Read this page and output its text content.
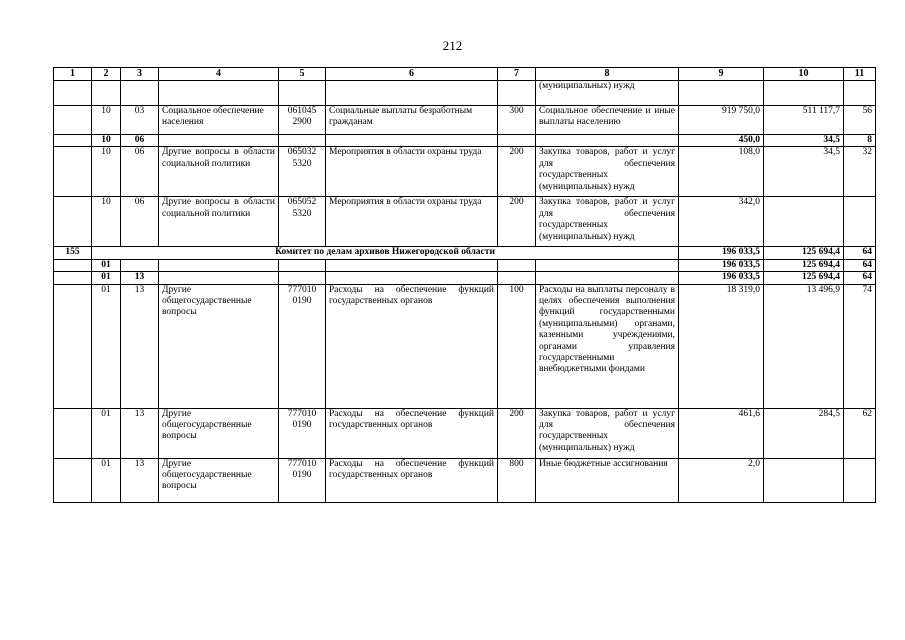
212
1	2	3	4	5	6	7	8	9	10	11
							(муниципальных) нужд			
	10	03	Социальное обеспечение населения	061045 2900	Социальные выплаты безработным гражданам	300	Социальное обеспечение и иные выплаты населению	919 750,0	511 117,7	56
	10	06						450,0	34,5	8
	10	06	Другие вопросы в области социальной политики	065032 5320	Мероприятия в области охраны труда	200	Закупка товаров, работ и услуг для обеспечения государственных (муниципальных) нужд	108,0	34,5	32
	10	06	Другие вопросы в области социальной политики	065052 5320	Мероприятия в области охраны труда	200	Закупка товаров, работ и услуг для обеспечения государственных (муниципальных) нужд	342,0		
155	Комитет по делам архивов Нижегородской области							196 033,5	125 694,4	64
	01							196 033,5	125 694,4	64
	01	13						196 033,5	125 694,4	64
	01	13	Другие общегосударственные вопросы	777010 0190	Расходы на обеспечение функций государственных органов	100	Расходы на выплаты персоналу в целях обеспечения выполнения функций государственными (муниципальными) органами, казенными учреждениями, органами управления государственными внебюджетными фондами	18 319,0	13 496,9	74
	01	13	Другие общегосударственные вопросы	777010 0190	Расходы на обеспечение функций государственных органов	200	Закупка товаров, работ и услуг для обеспечения государственных (муниципальных) нужд	461,6	284,5	62
	01	13	Другие общегосударственные вопросы	777010 0190	Расходы на обеспечение функций государственных органов	800	Иные бюджетные ассигнования	2,0		
